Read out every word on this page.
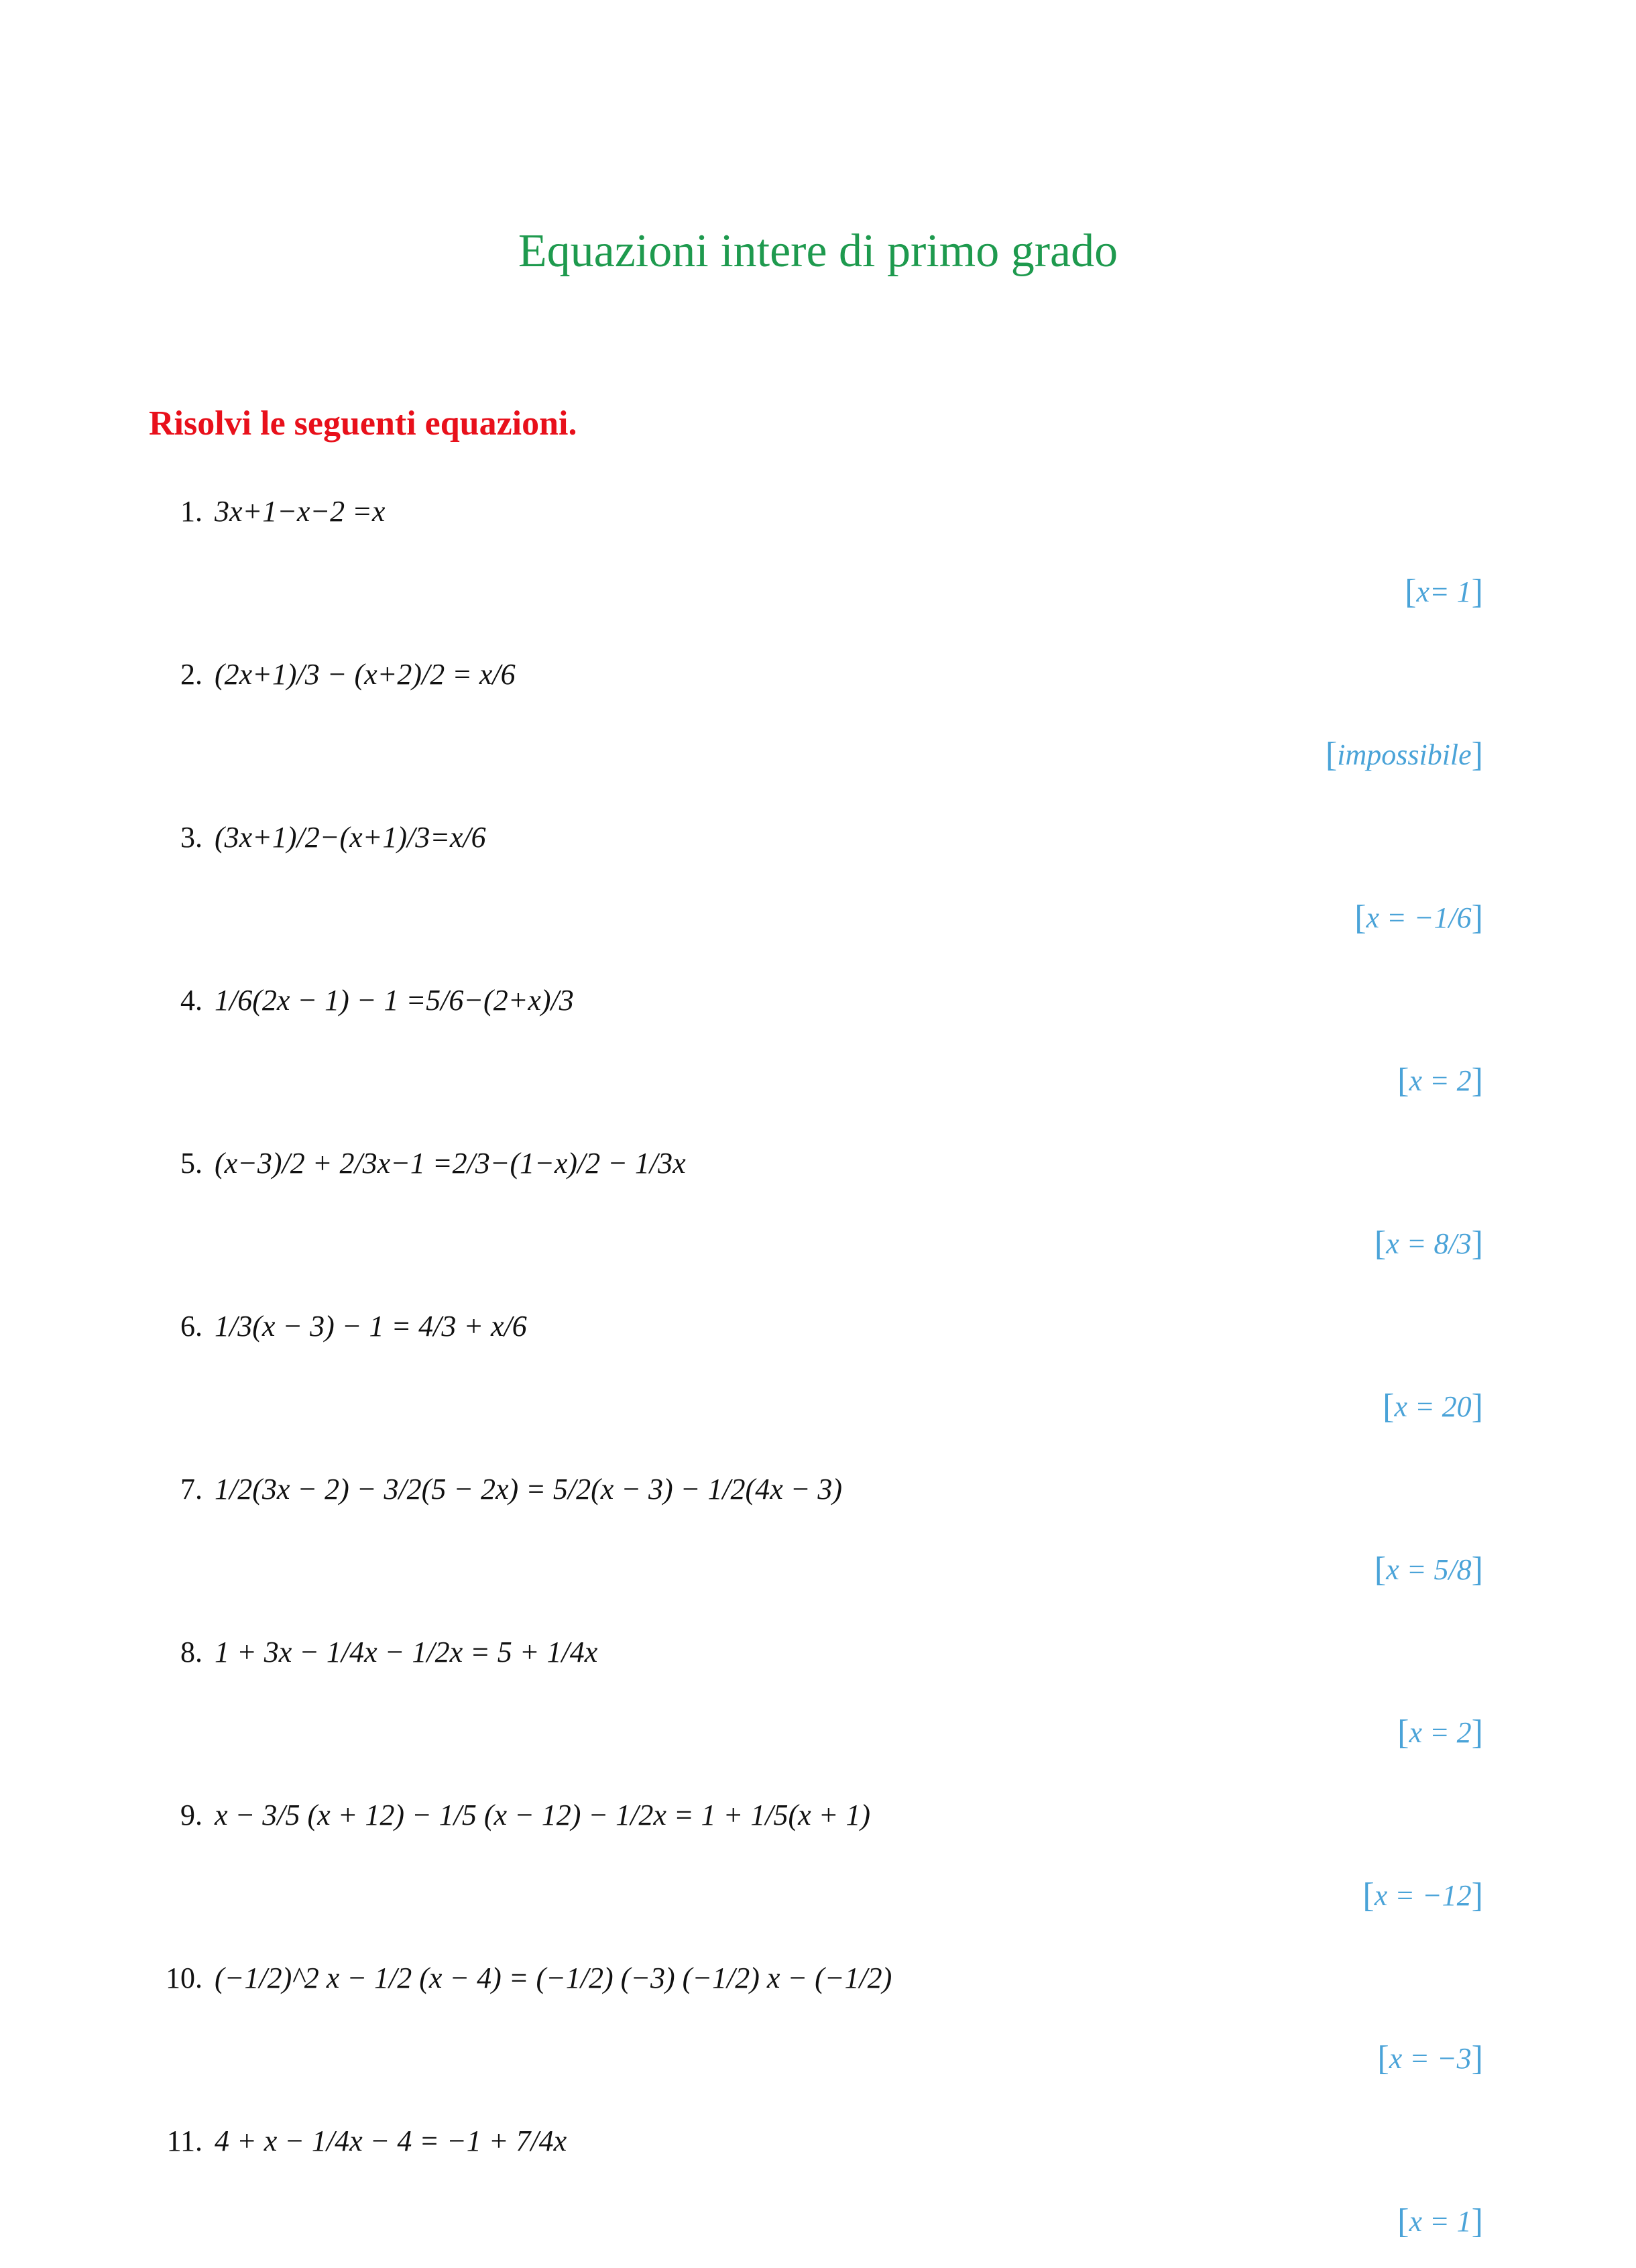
Equazioni intere di primo grado
Risolvi le seguenti equazioni.
1. 3x+1−x−2 =x
[ x= 1 ]
2. (2x+1)/3 − (x+2)/2 = x/6
[ impossibile ]
3. (3x+1)/2−(x+1)/3=x/6
[ x = −1/6 ]
4. 1/6(2x − 1) − 1 =5/6−(2+x)/3
[ x = 2 ]
5. (x−3)/2 + 2/3x−1 =2/3−(1−x)/2 − 1/3x
[ x = 8/3 ]
6. 1/3(x − 3) − 1 = 4/3 + x/6
[ x = 20 ]
7. 1/2(3x − 2) − 3/2(5 − 2x) = 5/2(x − 3) − 1/2(4x − 3)
[ x = 5/8 ]
8. 1 + 3x − 1/4x − 1/2x = 5 + 1/4x
[ x = 2 ]
9. x − 3/5 (x + 12) − 1/5 (x − 12) − 1/2x = 1 + 1/5(x + 1)
[ x = −12 ]
10. (−1/2)^2 x − 1/2 (x − 4) = (−1/2) (−3) (−1/2) x − (−1/2)
[ x = −3 ]
11. 4 + x − 1/4x − 4 = −1 + 7/4x
[ x = 1 ]
